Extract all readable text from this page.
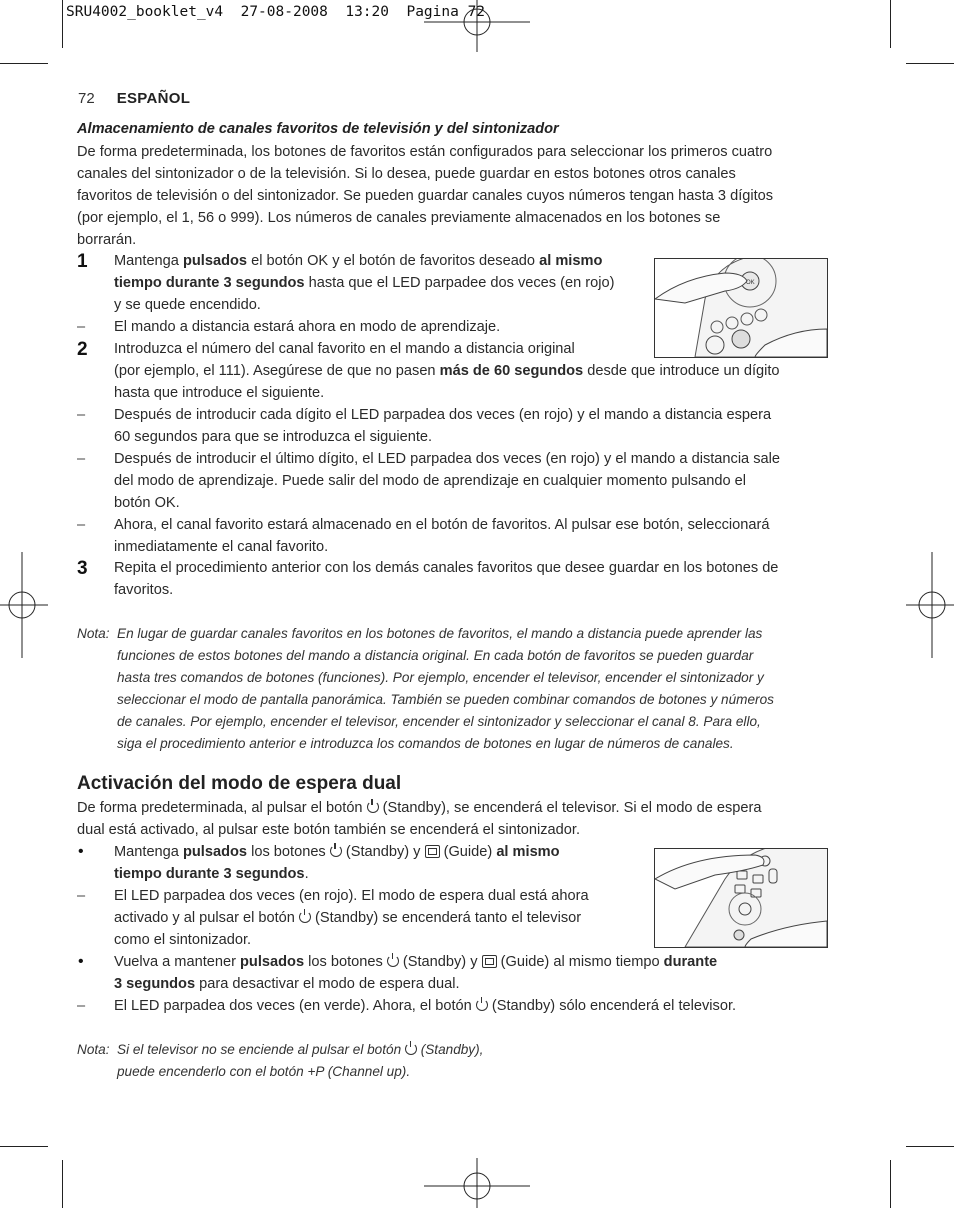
SRU4002_booklet_v4  27-08-2008  13:20  Pagina 72
72 ESPAÑOL
Almacenamiento de canales favoritos de televisión y del sintonizador
De forma predeterminada, los botones de favoritos están configurados para seleccionar los primeros cuatro
canales del sintonizador o de la televisión. Si lo desea, puede guardar en estos botones otros canales
favoritos de televisión o del sintonizador. Se pueden guardar canales cuyos números tengan hasta 3 dígitos
(por ejemplo, el 1, 56 o 999). Los números de canales previamente almacenados en los botones se
borrarán.
1 Mantenga pulsados el botón OK y el botón de favoritos deseado al mismo
tiempo durante 3 segundos hasta que el LED parpadee dos veces (en rojo)
y se quede encendido.
– El mando a distancia estará ahora en modo de aprendizaje.
OK
2 Introduzca el número del canal favorito en el mando a distancia original
(por ejemplo, el 111). Asegúrese de que no pasen más de 60 segundos desde que introduce un dígito
hasta que introduce el siguiente.
– Después de introducir cada dígito el LED parpadea dos veces (en rojo) y el mando a distancia espera
60 segundos para que se introduzca el siguiente.
– Después de introducir el último dígito, el LED parpadea dos veces (en rojo) y el mando a distancia sale
del modo de aprendizaje. Puede salir del modo de aprendizaje en cualquier momento pulsando el
botón OK.
– Ahora, el canal favorito estará almacenado en el botón de favoritos. Al pulsar ese botón, seleccionará
inmediatamente el canal favorito.
3 Repita el procedimiento anterior con los demás canales favoritos que desee guardar en los botones de
favoritos.
Nota: En lugar de guardar canales favoritos en los botones de favoritos, el mando a distancia puede aprender las
funciones de estos botones del mando a distancia original. En cada botón de favoritos se pueden guardar
hasta tres comandos de botones (funciones). Por ejemplo, encender el televisor, encender el sintonizador y
seleccionar el modo de pantalla panorámica. También se pueden combinar comandos de botones y números
de canales. Por ejemplo, encender el televisor, encender el sintonizador y seleccionar el canal 8. Para ello,
siga el procedimiento anterior e introduzca los comandos de botones en lugar de números de canales.
Activación del modo de espera dual
De forma predeterminada, al pulsar el botón  (Standby), se encenderá el televisor. Si el modo de espera
dual está activado, al pulsar este botón también se encenderá el sintonizador.
• Mantenga pulsados los botones  (Standby) y  (Guide) al mismo
tiempo durante 3 segundos.
– El LED parpadea dos veces (en rojo). El modo de espera dual está ahora
activado y al pulsar el botón  (Standby) se encenderá tanto el televisor
como el sintonizador.
• Vuelva a mantener pulsados los botones  (Standby) y  (Guide) al mismo tiempo durante
3 segundos para desactivar el modo de espera dual.
– El LED parpadea dos veces (en verde). Ahora, el botón  (Standby) sólo encenderá el televisor.
Nota: Si el televisor no se enciende al pulsar el botón  (Standby),
puede encenderlo con el botón +P (Channel up).
